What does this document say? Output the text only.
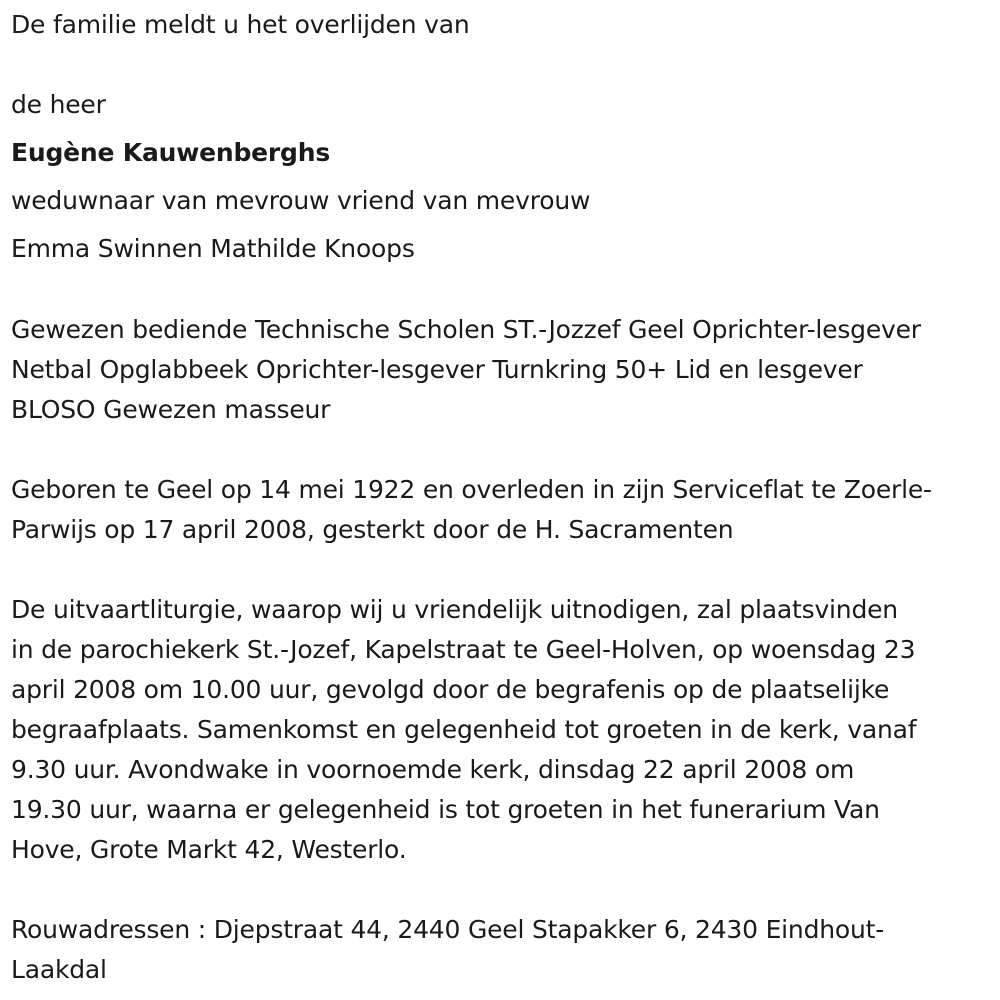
De familie meldt u het overlijden van
de heer
Eugène Kauwenberghs
weduwnaar van mevrouw vriend van mevrouw
Emma Swinnen Mathilde Knoops
Gewezen bediende Technische Scholen ST.-Jozzef Geel Oprichter-lesgever
Netbal Opglabbeek Oprichter-lesgever Turnkring 50+ Lid en lesgever
BLOSO Gewezen masseur
Geboren te Geel op 14 mei 1922 en overleden in zijn Serviceflat te Zoerle-
Parwijs op 17 april 2008, gesterkt door de H. Sacramenten
De uitvaartliturgie, waarop wij u vriendelijk uitnodigen, zal plaatsvinden
in de parochiekerk St.-Jozef, Kapelstraat te Geel-Holven, op woensdag 23
april 2008 om 10.00 uur, gevolgd door de begrafenis op de plaatselijke
begraafplaats. Samenkomst en gelegenheid tot groeten in de kerk, vanaf
9.30 uur. Avondwake in voornoemde kerk, dinsdag 22 april 2008 om
19.30 uur, waarna er gelegenheid is tot groeten in het funerarium Van
Hove, Grote Markt 42, Westerlo.
Rouwadressen : Djepstraat 44, 2440 Geel Stapakker 6, 2430 Eindhout-
Laakdal
